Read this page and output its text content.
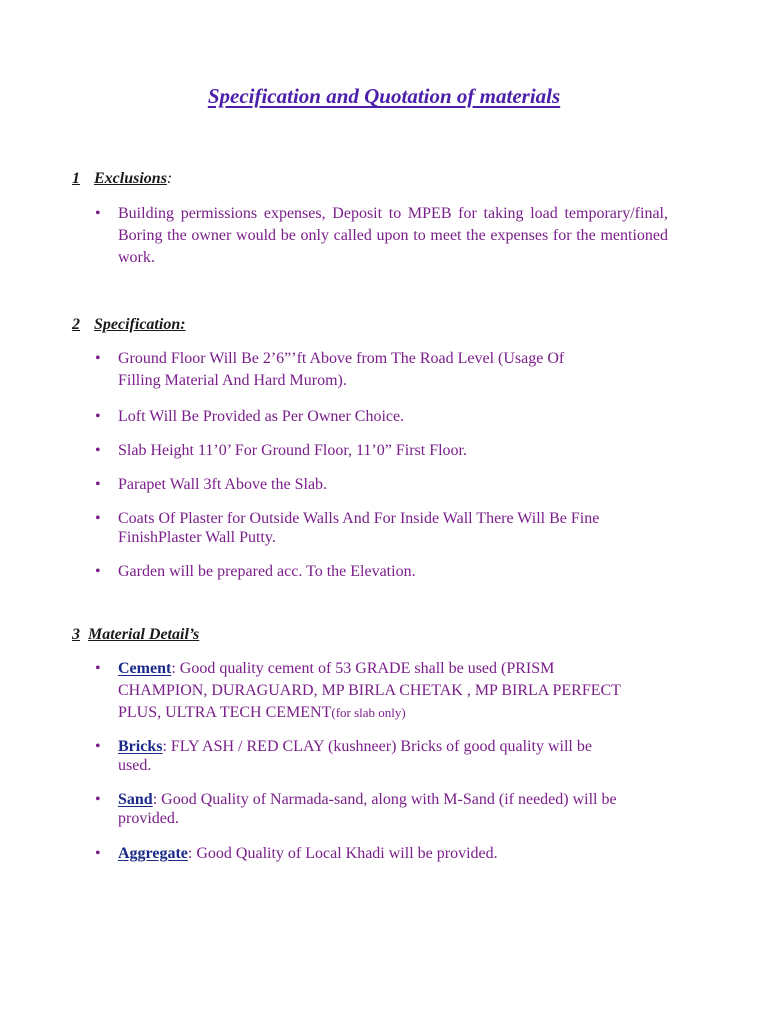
Specification and Quotation of materials
1 Exclusions:
• Building permissions expenses, Deposit to MPEB for taking load temporary/final, Boring the owner would be only called upon to meet the expenses for the mentioned work.
2 Specification:
• Ground Floor Will Be 2’6”’ft Above from The Road Level (Usage Of
Filling Material And Hard Murom).
• Loft Will Be Provided as Per Owner Choice.
• Slab Height 11’0’ For Ground Floor, 11’0” First Floor.
• Parapet Wall 3ft Above the Slab.
• Coats Of Plaster for Outside Walls And For Inside Wall There Will Be Fine
FinishPlaster Wall Putty.
• Garden will be prepared acc. To the Elevation.
3 Material Detail’s
• Cement: Good quality cement of 53 GRADE shall be used (PRISM
CHAMPION, DURAGUARD, MP BIRLA CHETAK , MP BIRLA PERFECT
PLUS, ULTRA TECH CEMENT(for slab only)
• Bricks: FLY ASH / RED CLAY (kushneer) Bricks of good quality will be
used.
• Sand: Good Quality of Narmada-sand, along with M-Sand (if needed) will be
provided.
• Aggregate: Good Quality of Local Khadi will be provided.
